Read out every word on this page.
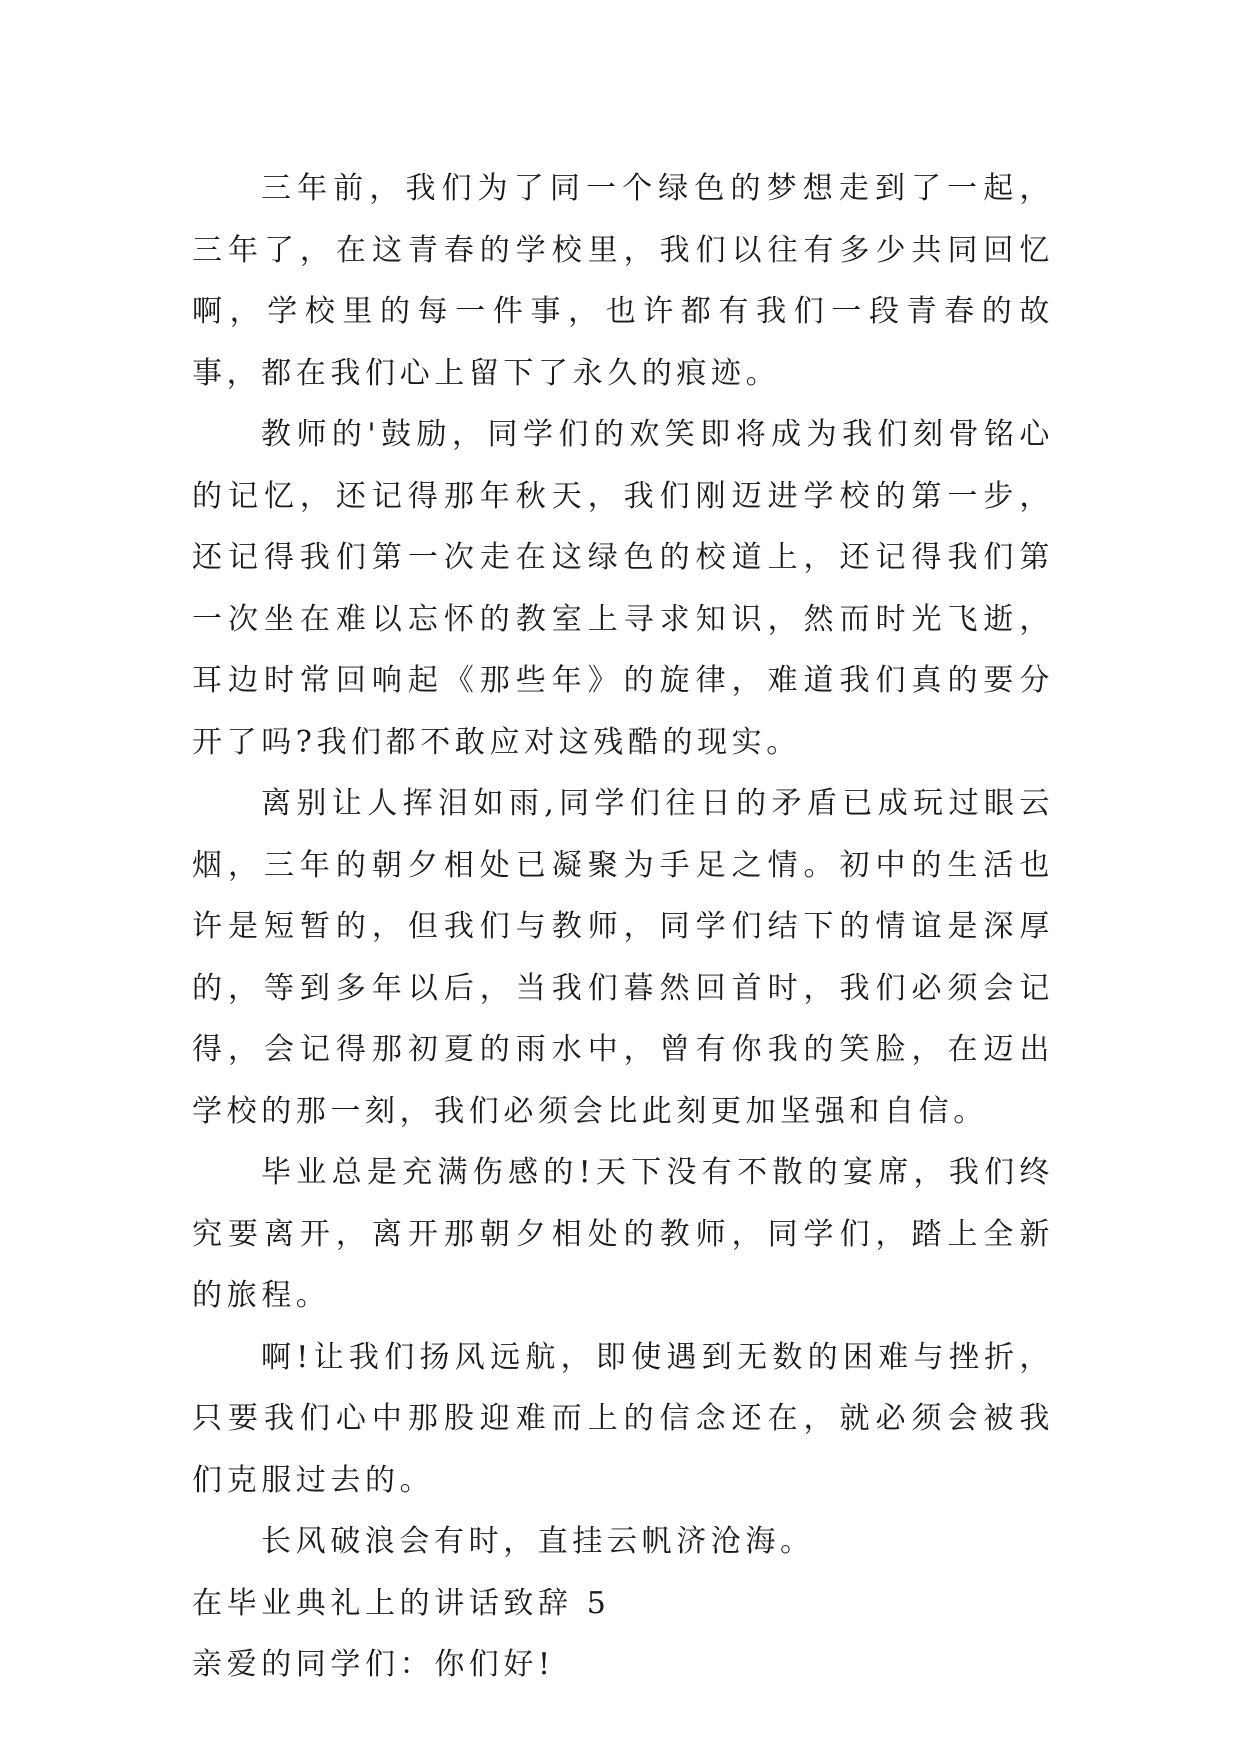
三年前，我们为了同一个绿色的梦想走到了一起，三年了，在这青春的学校里，我们以往有多少共同回忆啊，学校里的每一件事，也许都有我们一段青春的故事，都在我们心上留下了永久的痕迹。

教师的'鼓励，同学们的欢笑即将成为我们刻骨铭心的记忆，还记得那年秋天，我们刚迈进学校的第一步，还记得我们第一次走在这绿色的校道上，还记得我们第一次坐在难以忘怀的教室上寻求知识，然而时光飞逝，耳边时常回响起《那些年》的旋律，难道我们真的要分开了吗?我们都不敢应对这残酷的现实。

离别让人挥泪如雨,同学们往日的矛盾已成玩过眼云烟，三年的朝夕相处已凝聚为手足之情。初中的生活也许是短暂的，但我们与教师，同学们结下的情谊是深厚的，等到多年以后，当我们暮然回首时，我们必须会记得，会记得那初夏的雨水中，曾有你我的笑脸，在迈出学校的那一刻，我们必须会比此刻更加坚强和自信。

毕业总是充满伤感的!天下没有不散的宴席，我们终究要离开，离开那朝夕相处的教师，同学们，踏上全新的旅程。

啊!让我们扬风远航，即使遇到无数的困难与挫折，只要我们心中那股迎难而上的信念还在，就必须会被我们克服过去的。

长风破浪会有时，直挂云帆济沧海。

在毕业典礼上的讲话致辞 5

亲爱的同学们：你们好!
